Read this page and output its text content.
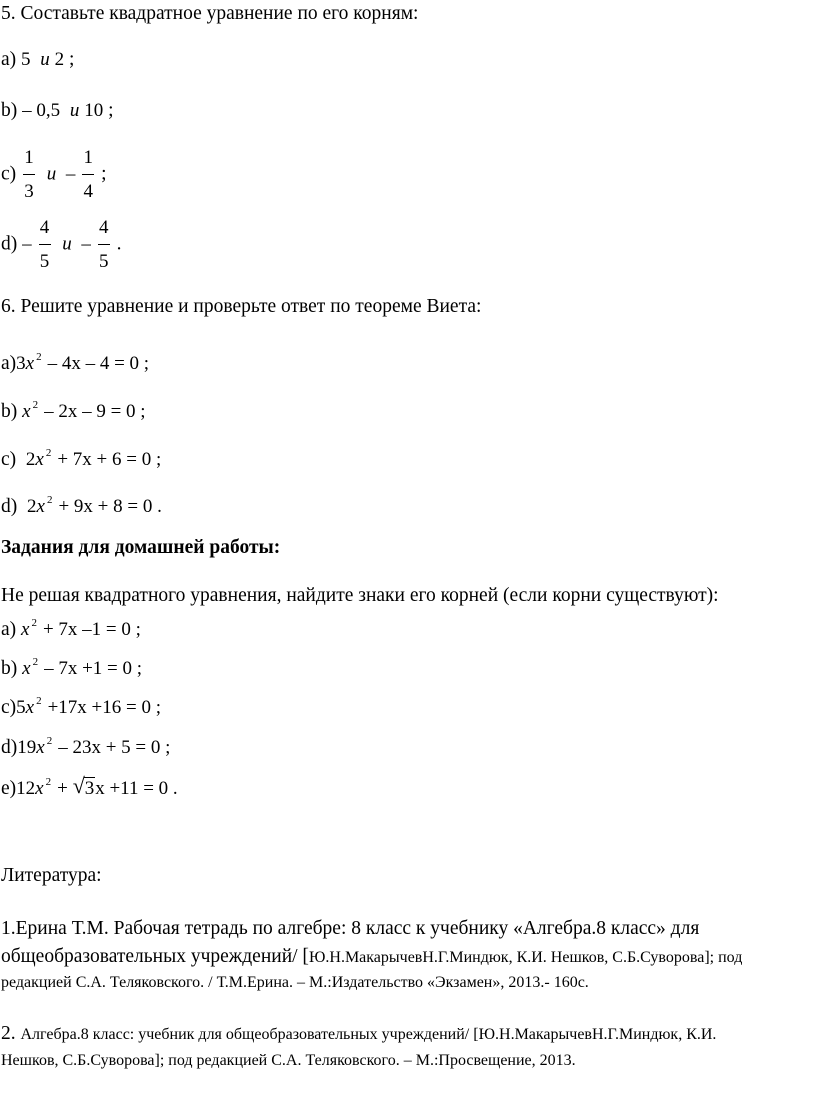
5. Составьте квадратное уравнение по его корням:
a) 5 и 2 ;
b) – 0,5 и 10 ;
$c) \frac{1}{3}$ и  – $\frac{1}{4}$ ;
$d) - \frac{4}{5}$ и  – $\frac{4}{5}$ .
6. Решите уравнение и проверьте ответ по теореме Виета:
a)3x $^2$ – 4x – 4 = 0 ;
b) x $^2$ – 2x – 9 = 0 ;
c) 2x $^2$ + 7x + 6 = 0 ;
d) 2x $^2$ + 9x + 8 = 0 .
Задания для домашней работы:
Не решая квадратного уравнения, найдите знаки его корней (если корни существуют):
a) x $^2$ + 7x –1 = 0 ;
b) x $^2$ – 7x +1 = 0 ;
c)5x $^2$ +17x +16 = 0 ;
d)19x $^2$ – 23x + 5 = 0 ;
e)12x $^2$ + √ 3x +11 = 0 .
Литература:
1.Ерина Т.М. Рабочая тетрадь по алгебре: 8 класс к учебнику «Алгебра.8 класс» для
общеобразовательных учреждений/ [Ю.Н.МакарычевН.Г.Миндюк, К.И. Нешков, С.Б.Суворова]; под
редакцией С.А. Теляковского. / Т.М.Ерина. – М.:Издательство «Экзамен», 2013.- 160с.
2. Алгебра.8 класс: учебник для общеобразовательных учреждений/ [Ю.Н.МакарычевН.Г.Миндюк, К.И.
Нешков, С.Б.Суворова]; под редакцией С.А. Теляковского. – М.:Просвещение, 2013.
